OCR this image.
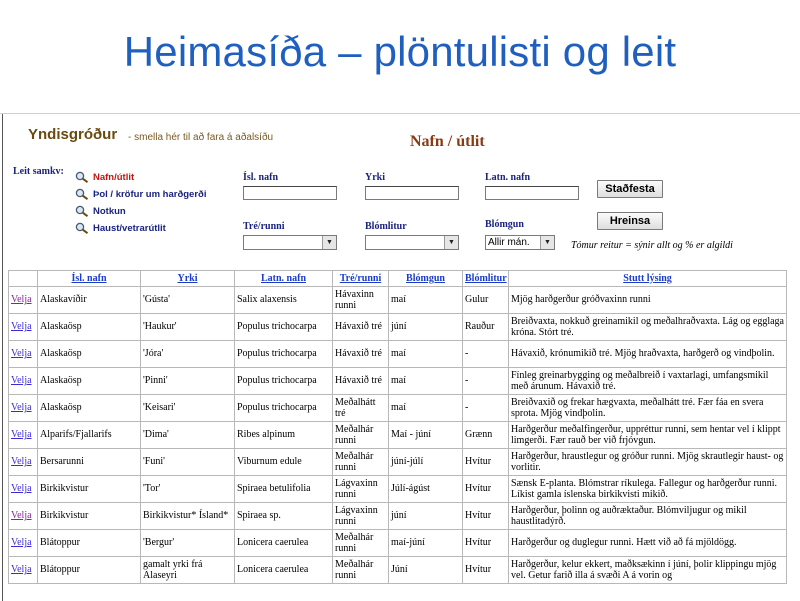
Heimasíða – plöntulisti og leit
Yndisgróður - smella hér til að fara á aðalsíðu	Nafn / útlit
Leit samkv:	Nafn/útlit
Þol / kröfur um harðgerði
Notkun
Haust/vetrarútlit
Ísl. nafn	Yrki	Latn. nafn
Staðfesta
Tré/runni
▼
Blómlitur
▼
Blómgun
Allir mán.	▼
Hreinsa
Tómur reitur = sýnir allt og % er algildi
	Ísl. nafn	Yrki	Latn. nafn	Tré/runni	Blómgun	Blómlitur	Stutt lýsing
Velja	Alaskavíðir	'Gústa'	Salix alaxensis	Hávaxinn runni	maí	Gulur	Mjög harðgerður gróðvaxinn runni
Velja	Alaskaösp	'Haukur'	Populus trichocarpa	Hávaxið tré	júní	Rauður	Breiðvaxta, nokkuð greinamikil og meðalhraðvaxta. Lág og egglaga króna. Stórt tré.
Velja	Alaskaösp	'Jóra'	Populus trichocarpa	Hávaxið tré	maí	-	Hávaxið, krónumikið tré. Mjög hraðvaxta, harðgerð og vindþolin.
Velja	Alaskaösp	'Pinni'	Populus trichocarpa	Hávaxið tré	maí	-	Fínleg greinarbygging og meðalbreið í vaxtarlagi, umfangsmikil með árunum. Hávaxið tré.
Velja	Alaskaösp	'Keisari'	Populus trichocarpa	Meðalhátt tré	maí	-	Breiðvaxið og frekar hægvaxta, meðalhátt tré. Fær fáa en svera sprota. Mjög vindþolin.
Velja	Alparifs/Fjallarifs	'Dima'	Ribes alpinum	Meðalhár runni	Maí - júní	Grænn	Harðgerður meðalfingerður, uppréttur runni, sem hentar vel í klippt limgerði. Fær rauð ber við frjóvgun.
Velja	Bersarunni	'Funi'	Viburnum edule	Meðalhár runni	júní-júlí	Hvítur	Harðgerður, hraustlegur og gróður runni. Mjög skrautlegir haust- og vorlitir.
Velja	Birkikvistur	'Tor'	Spiraea betulifolia	Lágvaxinn runni	Júlí-ágúst	Hvítur	Sænsk E-planta. Blómstrar ríkulega. Fallegur og harðgerður runni. Líkist gamla íslenska birkikvisti mikið.
Velja	Birkikvistur	Birkikvistur* Ísland*	Spiraea sp.	Lágvaxinn runni	júní	Hvítur	Harðgerður, þolinn og auðræktaður. Blómviljugur og mikil haustlitadýrð.
Velja	Blátoppur	'Bergur'	Lonicera caerulea	Meðalhár runni	maí-júní	Hvítur	Harðgerður og duglegur runni. Hætt við að fá mjöldögg.
Velja	Blátoppur	gamalt yrki frá Alaseyri	Lonicera caerulea	Meðalhár runni	Júní	Hvítur	Harðgerður, kelur ekkert, maðksækinn í júní, þolir klippingu mjög vel. Getur farið illa á svæði A á vorin og
